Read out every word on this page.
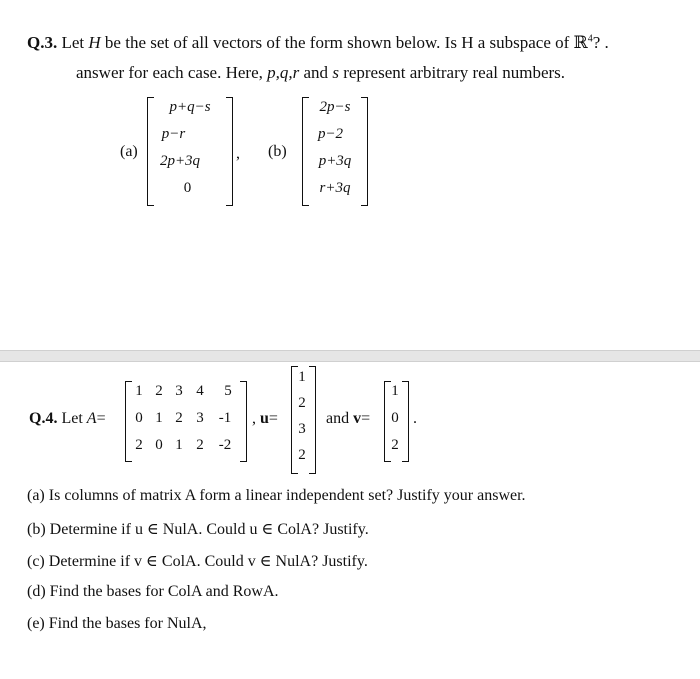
Q.3. Let H be the set of all vectors of the form shown below. Is H a subspace of ℝ$^4$? .
answer for each case. Here, p,q,r and s represent arbitrary real numbers.
(a)
p+q−s
p−r
2p+3q
0
, (b)
2p−s
p−2
p+3q
r+3q
Q.4. Let A=
1 2 3 4	5
0 1 2 3	-1
2 0 1 2	-2
, u=
1
2
3
2
and v=
1
0
2
.
(a) Is columns of matrix A form a linear independent set? Justify your answer.
(b) Determine if u ∈ NulA. Could u ∈ ColA? Justify.
(c) Determine if v ∈ ColA. Could v ∈ NulA? Justify.
(d) Find the bases for ColA and RowA.
(e) Find the bases for NulA,
